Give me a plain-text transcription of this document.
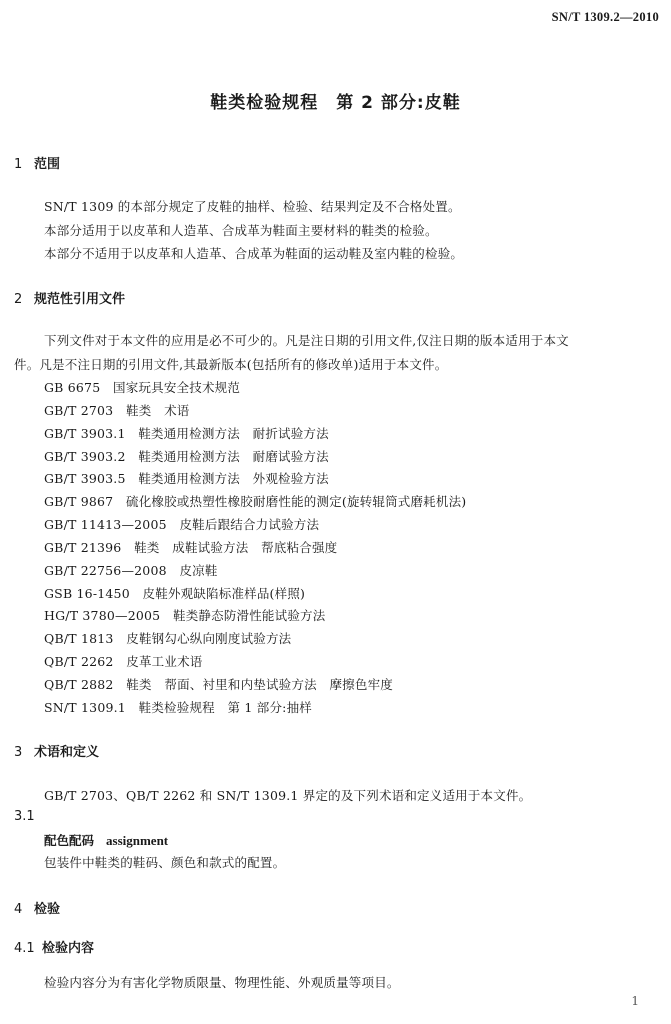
SN/T 1309.2—2010
鞋类检验规程　第 2 部分:皮鞋
1 范围
SN/T 1309 的本部分规定了皮鞋的抽样、检验、结果判定及不合格处置。
本部分适用于以皮革和人造革、合成革为鞋面主要材料的鞋类的检验。
本部分不适用于以皮革和人造革、合成革为鞋面的运动鞋及室内鞋的检验。
2 规范性引用文件
下列文件对于本文件的应用是必不可少的。凡是注日期的引用文件,仅注日期的版本适用于本文
件。凡是不注日期的引用文件,其最新版本(包括所有的修改单)适用于本文件。
GB 6675　国家玩具安全技术规范
GB/T 2703　鞋类　术语
GB/T 3903.1　鞋类通用检测方法　耐折试验方法
GB/T 3903.2　鞋类通用检测方法　耐磨试验方法
GB/T 3903.5　鞋类通用检测方法　外观检验方法
GB/T 9867　硫化橡胶或热塑性橡胶耐磨性能的测定(旋转辊筒式磨耗机法)
GB/T 11413—2005　皮鞋后跟结合力试验方法
GB/T 21396　鞋类　成鞋试验方法　帮底粘合强度
GB/T 22756—2008　皮凉鞋
GSB 16-1450　皮鞋外观缺陷标准样品(样照)
HG/T 3780—2005　鞋类静态防滑性能试验方法
QB/T 1813　皮鞋钢勾心纵向刚度试验方法
QB/T 2262　皮革工业术语
QB/T 2882　鞋类　帮面、衬里和内垫试验方法　摩擦色牢度
SN/T 1309.1　鞋类检验规程　第 1 部分:抽样
3 术语和定义
GB/T 2703、QB/T 2262 和 SN/T 1309.1 界定的及下列术语和定义适用于本文件。
3.1
配色配码 assignment
包装件中鞋类的鞋码、颜色和款式的配置。
4 检验
4.1 检验内容
检验内容分为有害化学物质限量、物理性能、外观质量等项目。
1
